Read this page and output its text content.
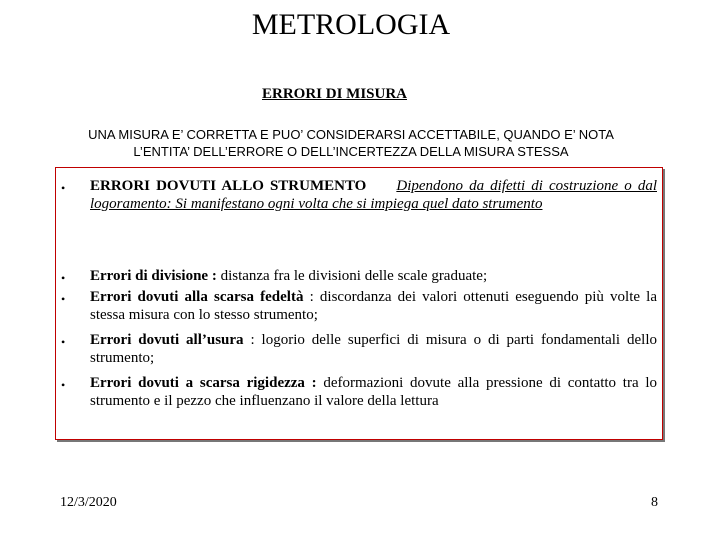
METROLOGIA
ERRORI DI MISURA
UNA MISURA E’ CORRETTA E PUO’ CONSIDERARSI ACCETTABILE, QUANDO E’ NOTA
L’ENTITA’ DELL’ERRORE O DELL’INCERTEZZA DELLA MISURA STESSA
• ERRORI DOVUTI ALLO STRUMENTO Dipendono da difetti di costruzione o dal logoramento: Si manifestano ogni volta che si impiega quel dato strumento
• Errori di divisione : distanza fra le divisioni delle scale graduate;
• Errori dovuti alla scarsa fedeltà : discordanza dei valori ottenuti eseguendo più volte la stessa misura con lo stesso strumento;
• Errori dovuti all’usura : logorio delle superfici di misura o di parti fondamentali dello strumento;
• Errori dovuti a scarsa rigidezza : deformazioni dovute alla pressione di contatto tra lo strumento e il pezzo che influenzano il valore della lettura
12/3/2020	8
